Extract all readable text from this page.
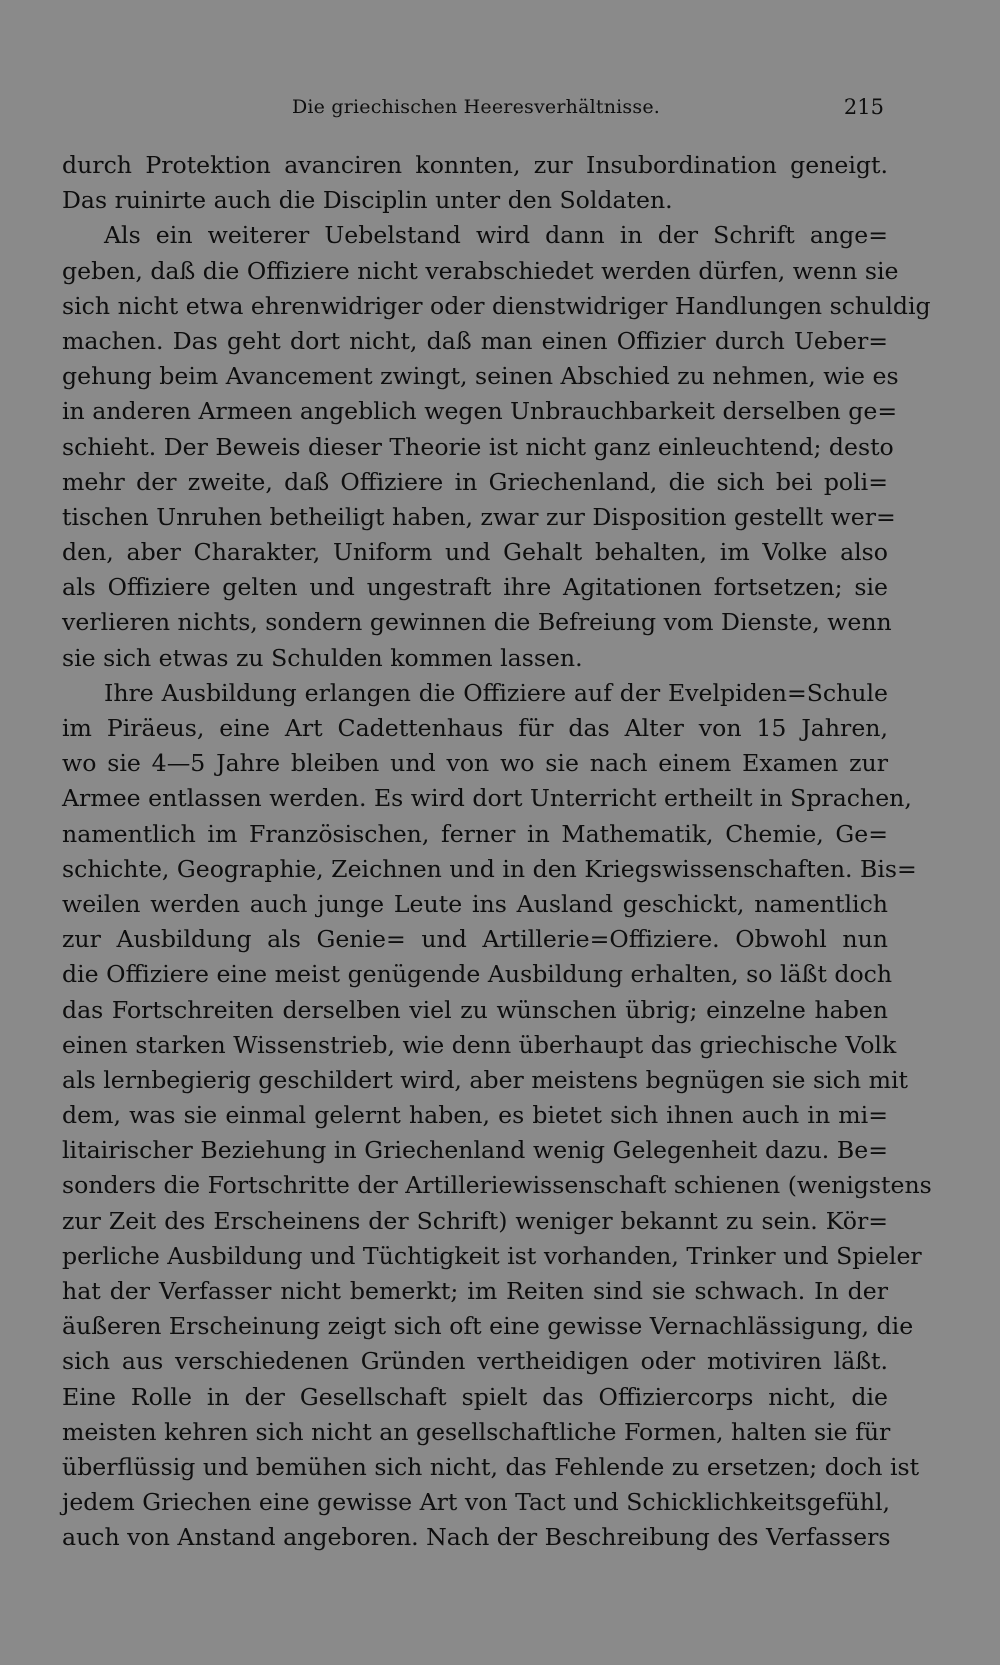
Die griechischen Heeresverhältnisse.	215
durch Protektion avanciren konnten, zur Insubordination geneigt.
Das ruinirte auch die Disciplin unter den Soldaten.
Als ein weiterer Uebelstand wird dann in der Schrift ange=
geben, daß die Offiziere nicht verabschiedet werden dürfen, wenn sie
sich nicht etwa ehrenwidriger oder dienstwidriger Handlungen schuldig
machen. Das geht dort nicht, daß man einen Offizier durch Ueber=
gehung beim Avancement zwingt, seinen Abschied zu nehmen, wie es
in anderen Armeen angeblich wegen Unbrauchbarkeit derselben ge=
schieht. Der Beweis dieser Theorie ist nicht ganz einleuchtend; desto
mehr der zweite, daß Offiziere in Griechenland, die sich bei poli=
tischen Unruhen betheiligt haben, zwar zur Disposition gestellt wer=
den, aber Charakter, Uniform und Gehalt behalten, im Volke also
als Offiziere gelten und ungestraft ihre Agitationen fortsetzen; sie
verlieren nichts, sondern gewinnen die Befreiung vom Dienste, wenn
sie sich etwas zu Schulden kommen lassen.
Ihre Ausbildung erlangen die Offiziere auf der Evelpiden=Schule
im Piräeus, eine Art Cadettenhaus für das Alter von 15 Jahren,
wo sie 4—5 Jahre bleiben und von wo sie nach einem Examen zur
Armee entlassen werden. Es wird dort Unterricht ertheilt in Sprachen,
namentlich im Französischen, ferner in Mathematik, Chemie, Ge=
schichte, Geographie, Zeichnen und in den Kriegswissenschaften. Bis=
weilen werden auch junge Leute ins Ausland geschickt, namentlich
zur Ausbildung als Genie= und Artillerie=Offiziere. Obwohl nun
die Offiziere eine meist genügende Ausbildung erhalten, so läßt doch
das Fortschreiten derselben viel zu wünschen übrig; einzelne haben
einen starken Wissenstrieb, wie denn überhaupt das griechische Volk
als lernbegierig geschildert wird, aber meistens begnügen sie sich mit
dem, was sie einmal gelernt haben, es bietet sich ihnen auch in mi=
litairischer Beziehung in Griechenland wenig Gelegenheit dazu. Be=
sonders die Fortschritte der Artilleriewissenschaft schienen (wenigstens
zur Zeit des Erscheinens der Schrift) weniger bekannt zu sein. Kör=
perliche Ausbildung und Tüchtigkeit ist vorhanden, Trinker und Spieler
hat der Verfasser nicht bemerkt; im Reiten sind sie schwach. In der
äußeren Erscheinung zeigt sich oft eine gewisse Vernachlässigung, die
sich aus verschiedenen Gründen vertheidigen oder motiviren läßt.
Eine Rolle in der Gesellschaft spielt das Offiziercorps nicht, die
meisten kehren sich nicht an gesellschaftliche Formen, halten sie für
überflüssig und bemühen sich nicht, das Fehlende zu ersetzen; doch ist
jedem Griechen eine gewisse Art von Tact und Schicklichkeitsgefühl,
auch von Anstand angeboren. Nach der Beschreibung des Verfassers
